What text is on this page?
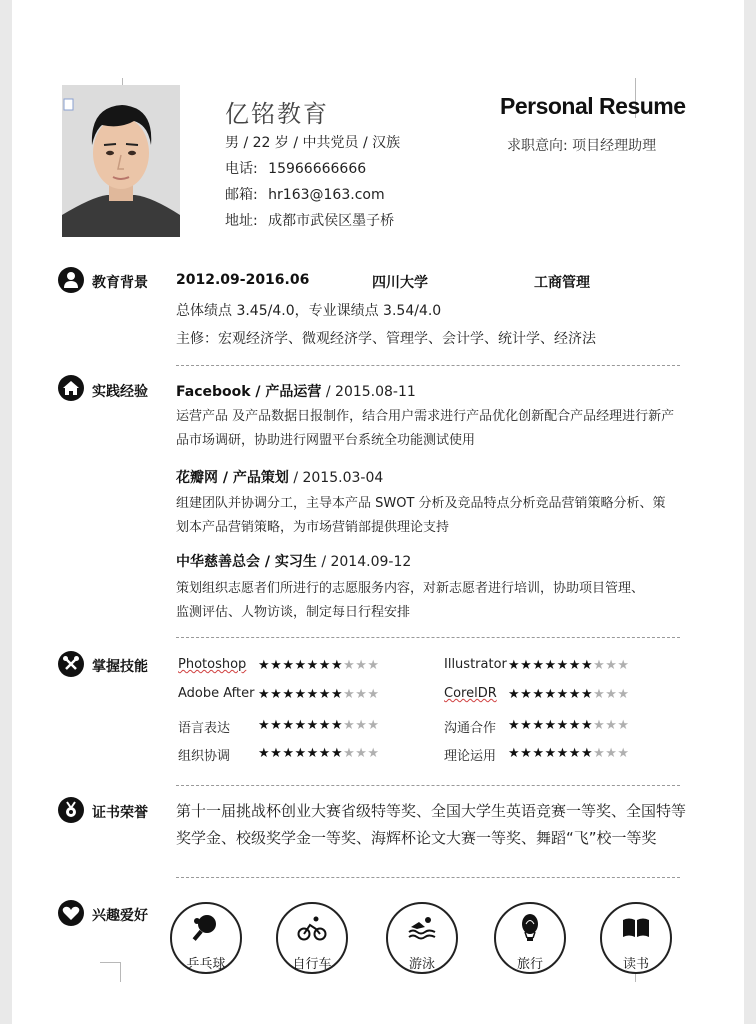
亿铭教育
男 / 22 岁 / 中共党员 / 汉族
电话: 15966666666
邮箱: hr163@163.com
地址: 成都市武侯区墨子桥
Personal Resume
求职意向: 项目经理助理
教育背景 2012.09-2016.06	四川大学	工商管理
总体绩点 3.45/4.0，专业课绩点 3.54/4.0
主修：宏观经济学、微观经济学、管理学、会计学、统计学、经济法
实践经验 Facebook / 产品运营 / 2015.08-11
运营产品 及产品数据日报制作，结合用户需求进行产品优化创新配合产品经理进行新产
品市场调研，协助进行网盟平台系统全功能测试使用
花瓣网 / 产品策划 / 2015.03-04
组建团队并协调分工，主导本产品 SWOT 分析及竞品特点分析竞品营销策略分析、策
划本产品营销策略，为市场营销部提供理论支持
中华慈善总会 / 实习生 / 2014.09-12
策划组织志愿者们所进行的志愿服务内容，对新志愿者进行培训，协助项目管理、
监测评估、人物访谈，制定每日行程安排
掌握技能 Photoshop ★★★★★★★★★★	Illustrator ★★★★★★★★★★
Adobe After ★★★★★★★★★★	CorelDR ★★★★★★★★★★
语言表达 ★★★★★★★★★★	沟通合作 ★★★★★★★★★★
组织协调 ★★★★★★★★★★	理论运用 ★★★★★★★★★★
证书荣誉 第十一届挑战杯创业大赛省级特等奖、全国大学生英语竞赛一等奖、全国特等
奖学金、校级奖学金一等奖、海辉杯论文大赛一等奖、舞蹈“飞”校一等奖
兴趣爱好
乒乓球	自行车	游泳	旅行	读书
